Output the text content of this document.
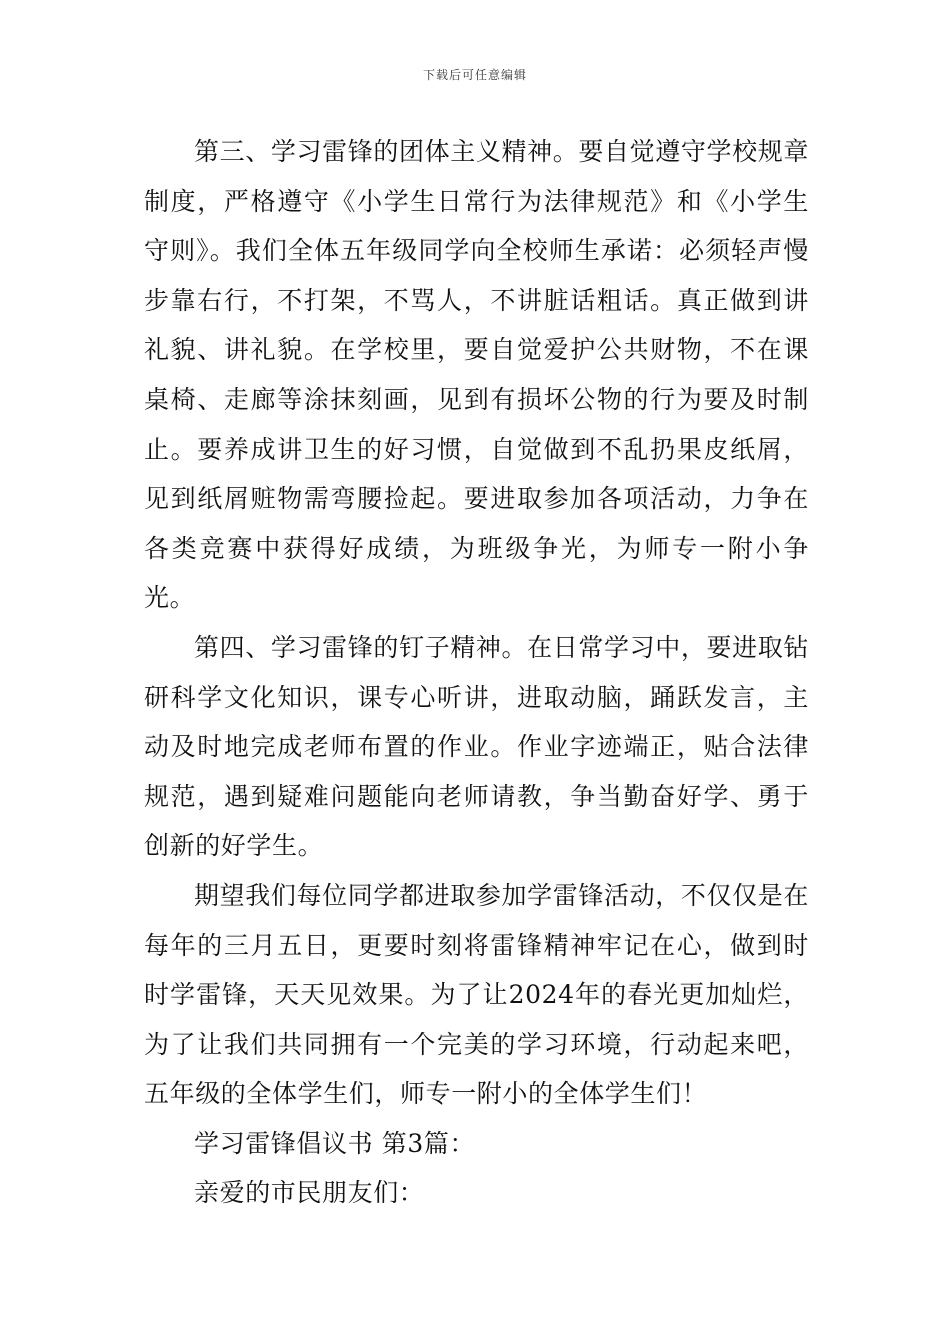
下载后可任意编辑

第三、学习雷锋的团体主义精神。要自觉遵守学校规章制度，严格遵守《小学生日常行为法律规范》和《小学生守则》。我们全体五年级同学向全校师生承诺：必须轻声慢步靠右行，不打架，不骂人，不讲脏话粗话。真正做到讲礼貌、讲礼貌。在学校里，要自觉爱护公共财物，不在课桌椅、走廊等涂抹刻画，见到有损坏公物的行为要及时制止。要养成讲卫生的好习惯，自觉做到不乱扔果皮纸屑，见到纸屑赃物需弯腰捡起。要进取参加各项活动，力争在各类竞赛中获得好成绩，为班级争光，为师专一附小争光。

第四、学习雷锋的钉子精神。在日常学习中，要进取钻研科学文化知识，课专心听讲，进取动脑，踊跃发言，主动及时地完成老师布置的作业。作业字迹端正，贴合法律规范，遇到疑难问题能向老师请教，争当勤奋好学、勇于创新的好学生。

期望我们每位同学都进取参加学雷锋活动，不仅仅是在每年的三月五日，更要时刻将雷锋精神牢记在心，做到时时学雷锋，天天见效果。为了让2024年的春光更加灿烂，为了让我们共同拥有一个完美的学习环境，行动起来吧，五年级的全体学生们，师专一附小的全体学生们！

学习雷锋倡议书 第3篇：

亲爱的市民朋友们：
